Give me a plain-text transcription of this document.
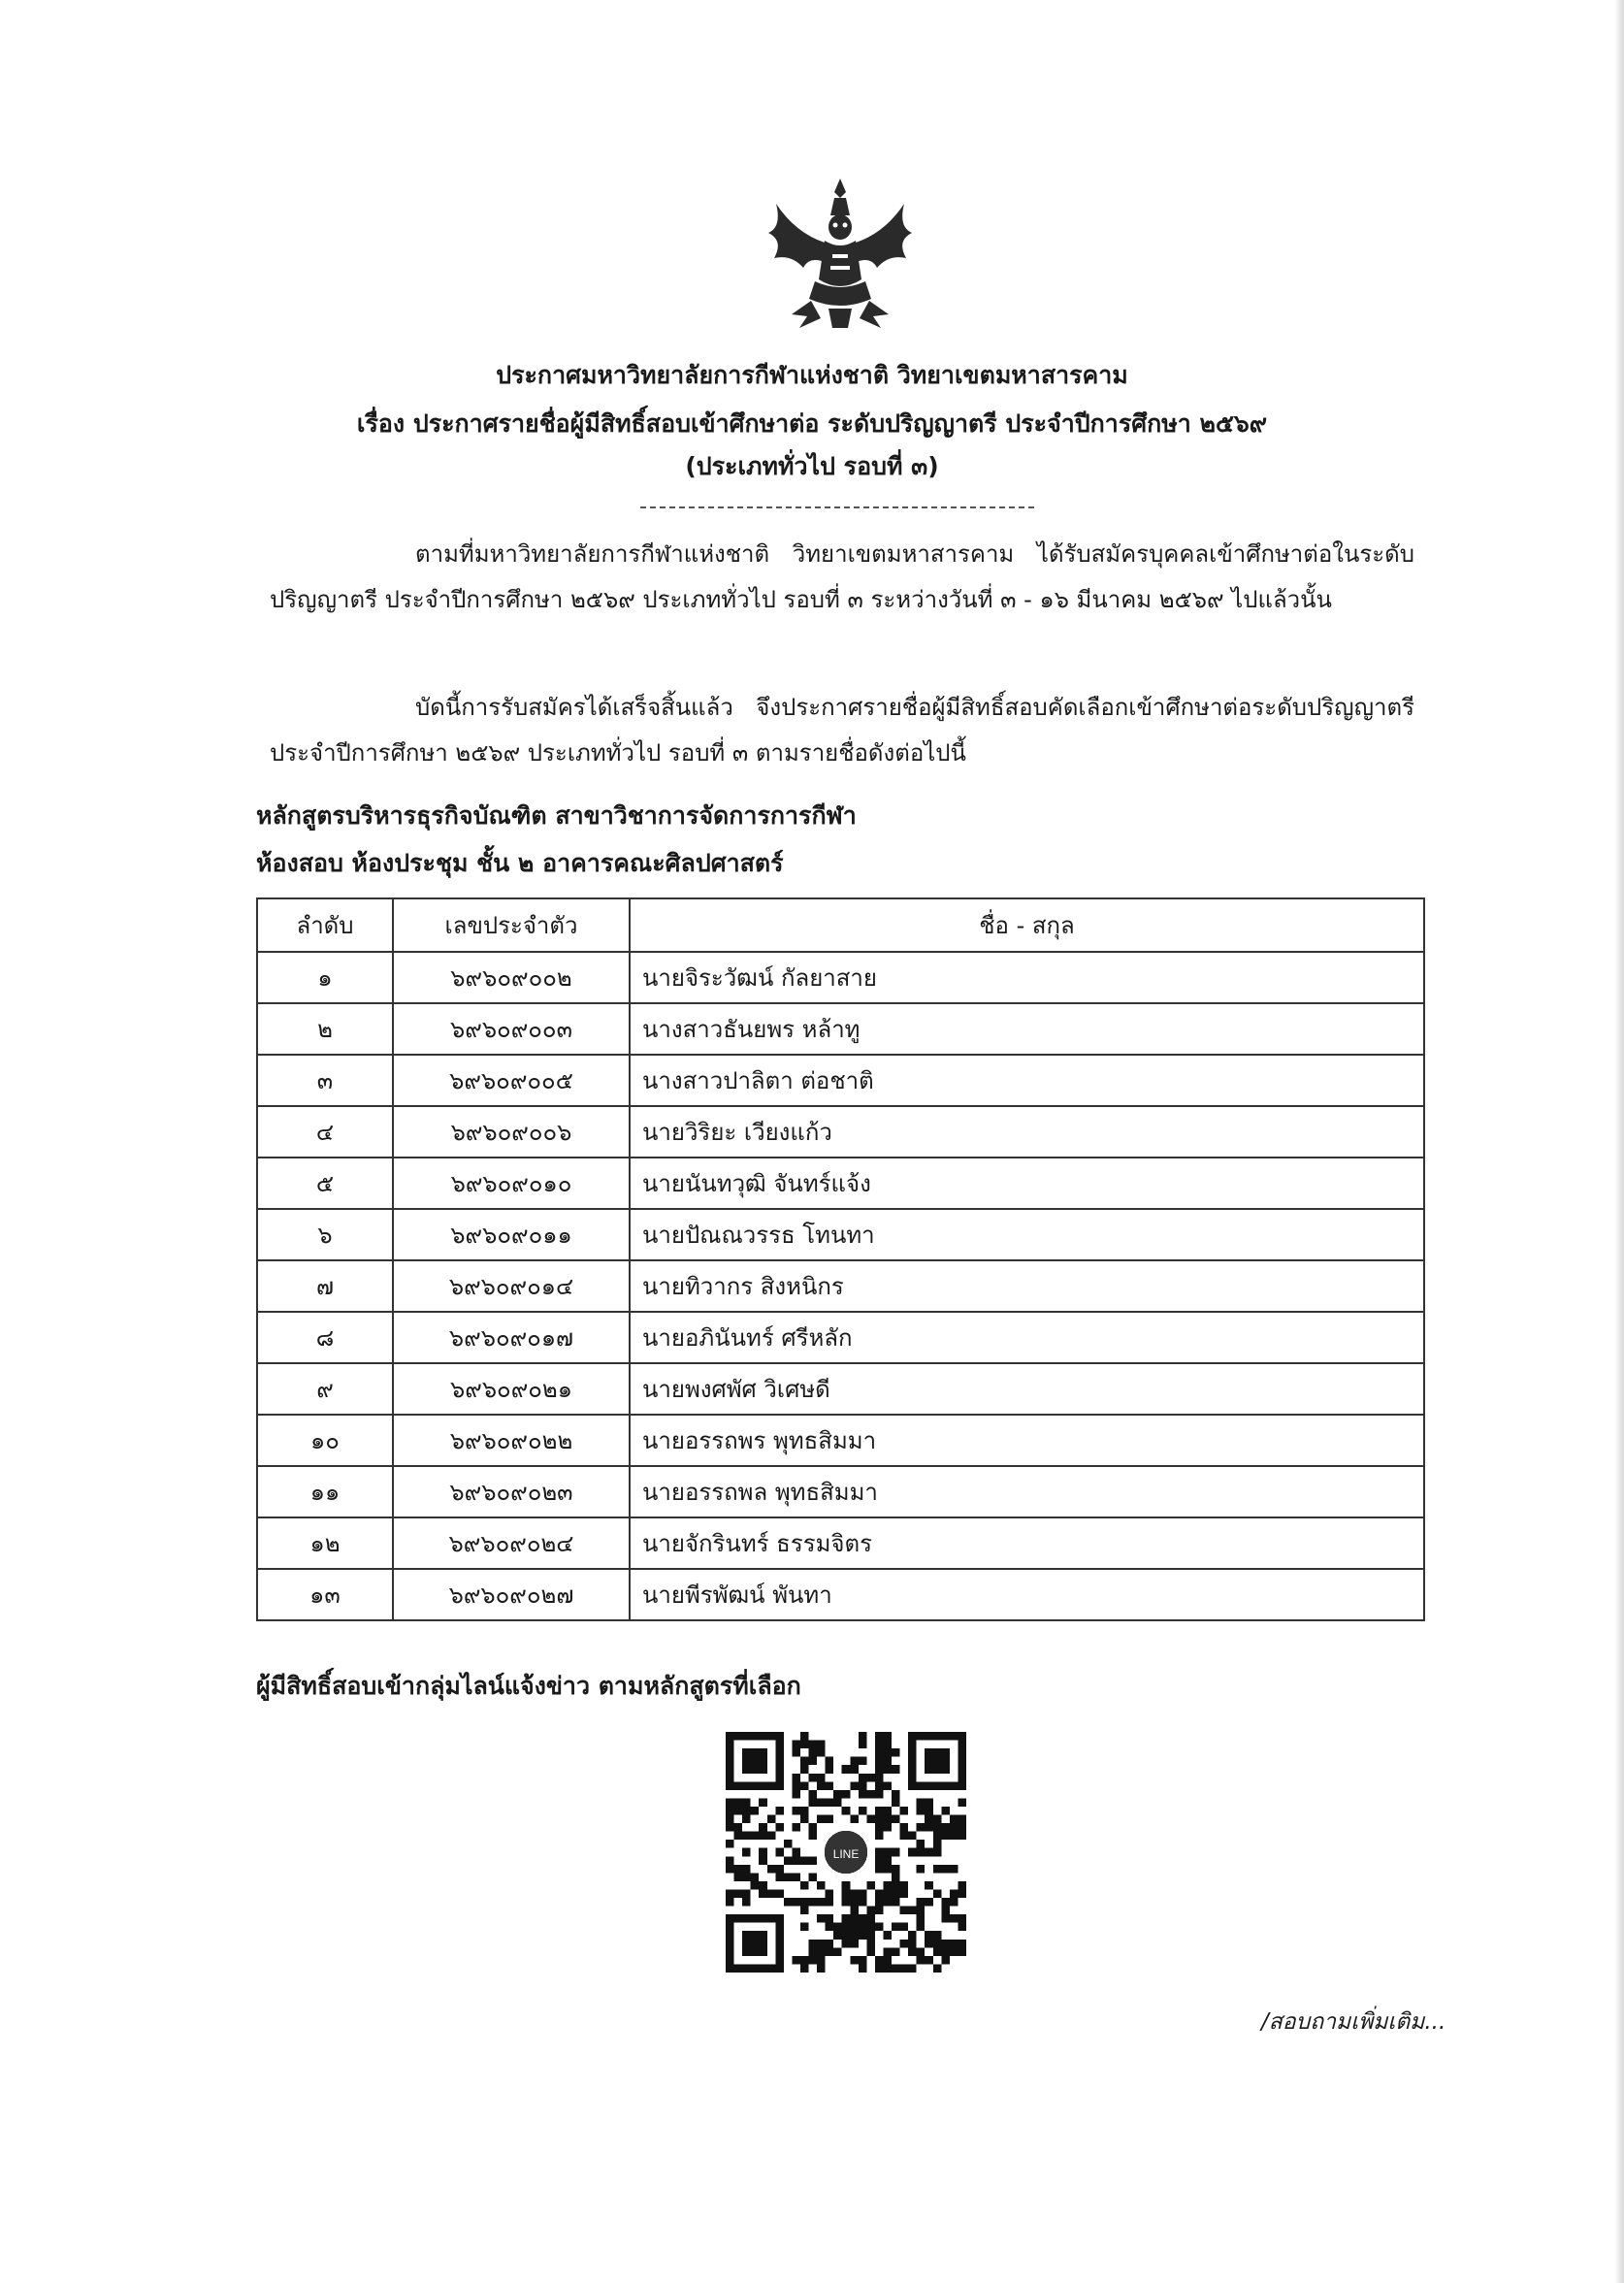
ประกาศมหาวิทยาลัยการกีฬาแห่งชาติ วิทยาเขตมหาสารคาม
เรื่อง ประกาศรายชื่อผู้มีสิทธิ์สอบเข้าศึกษาต่อ ระดับปริญญาตรี ประจำปีการศึกษา ๒๕๖๙
(ประเภททั่วไป รอบที่ ๓)
ตามที่มหาวิทยาลัยการกีฬาแห่งชาติ วิทยาเขตมหาสารคาม ได้รับสมัครบุคคลเข้าศึกษาต่อในระดับปริญญาตรี ประจำปีการศึกษา ๒๕๖๙ ประเภททั่วไป รอบที่ ๓ ระหว่างวันที่ ๓ - ๑๖ มีนาคม ๒๕๖๙ ไปแล้วนั้น
บัดนี้การรับสมัครได้เสร็จสิ้นแล้ว จึงประกาศรายชื่อผู้มีสิทธิ์สอบคัดเลือกเข้าศึกษาต่อระดับปริญญาตรี ประจำปีการศึกษา ๒๕๖๙ ประเภททั่วไป รอบที่ ๓ ตามรายชื่อดังต่อไปนี้
หลักสูตรบริหารธุรกิจบัณฑิต สาขาวิชาการจัดการการกีฬา
ห้องสอบ ห้องประชุม ชั้น ๒ อาคารคณะศิลปศาสตร์
ลำดับ	เลขประจำตัว	ชื่อ - สกุล
๑	๖๙๖๐๙๐๐๒	นายจิระวัฒน์ กัลยาสาย
๒	๖๙๖๐๙๐๐๓	นางสาวธันยพร หล้าทู
๓	๖๙๖๐๙๐๐๕	นางสาวปาลิตา ต่อชาติ
๔	๖๙๖๐๙๐๐๖	นายวิริยะ เวียงแก้ว
๕	๖๙๖๐๙๐๑๐	นายนันทวุฒิ จันทร์แจ้ง
๖	๖๙๖๐๙๐๑๑	นายปัณณวรรธ โทนทา
๗	๖๙๖๐๙๐๑๔	นายทิวากร สิงหนิกร
๘	๖๙๖๐๙๐๑๗	นายอภินันทร์ ศรีหลัก
๙	๖๙๖๐๙๐๒๑	นายพงศพัศ วิเศษดี
๑๐	๖๙๖๐๙๐๒๒	นายอรรถพร พุทธสิมมา
๑๑	๖๙๖๐๙๐๒๓	นายอรรถพล พุทธสิมมา
๑๒	๖๙๖๐๙๐๒๔	นายจักรินทร์ ธรรมจิตร
๑๓	๖๙๖๐๙๐๒๗	นายพีรพัฒน์ พันทา
ผู้มีสิทธิ์สอบเข้ากลุ่มไลน์แจ้งข่าว ตามหลักสูตรที่เลือก
LINE
/สอบถามเพิ่มเติม...
